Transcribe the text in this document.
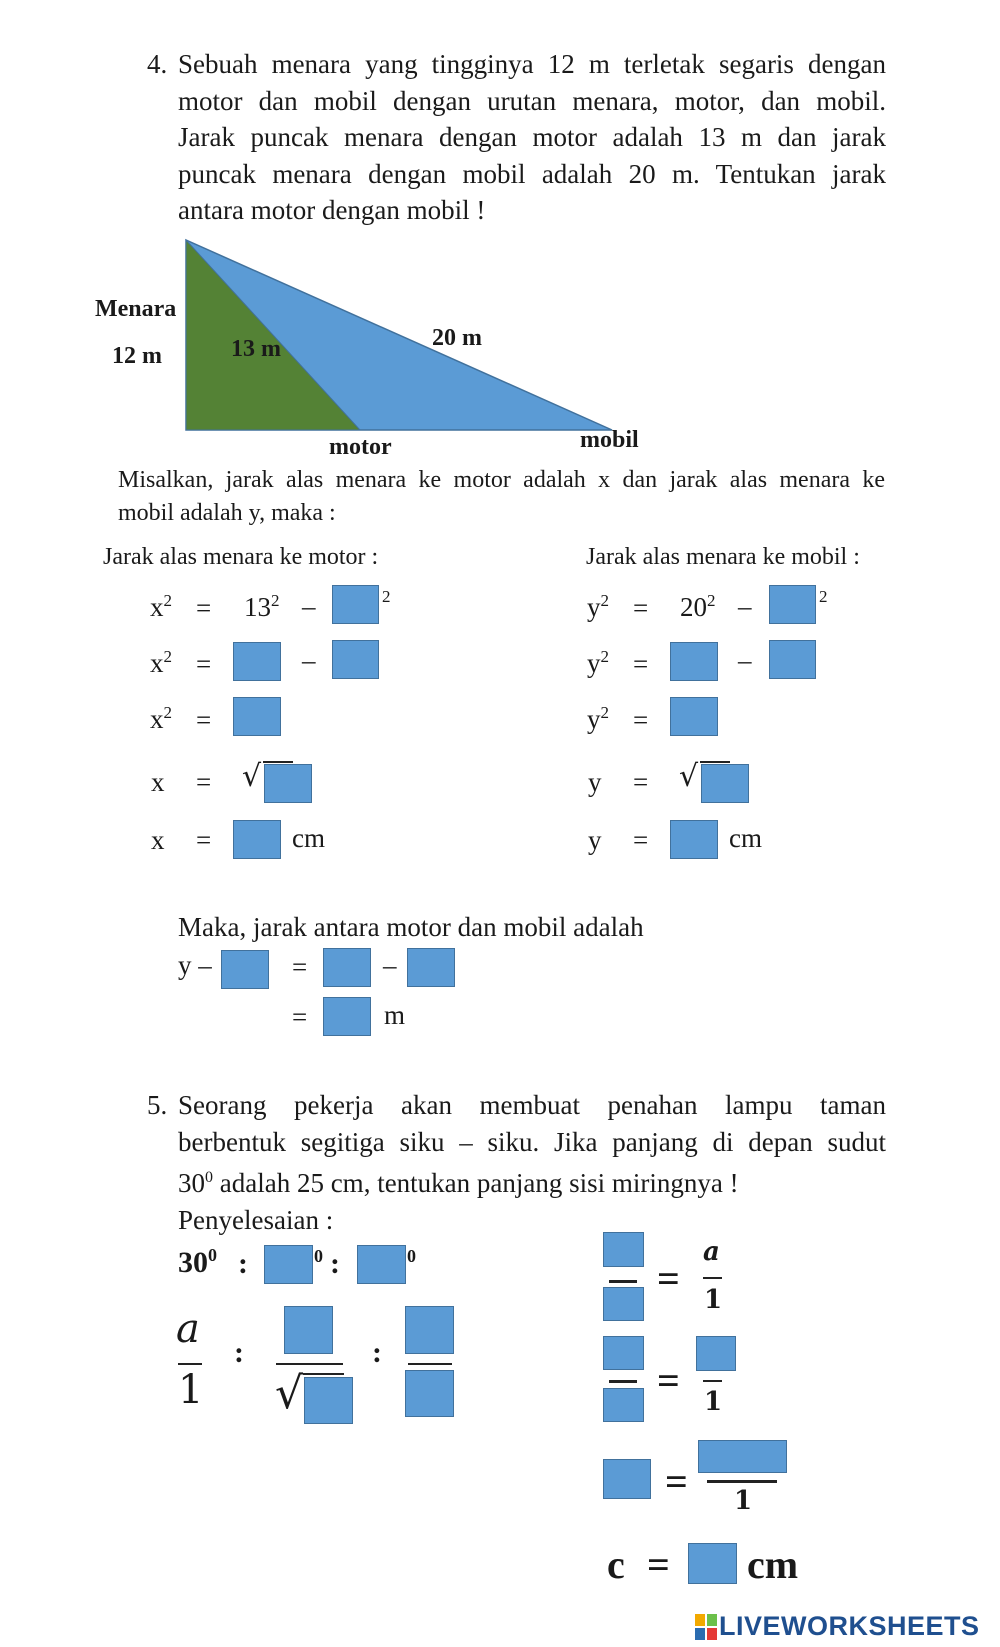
4. Sebuah menara yang tingginya 12 m terletak segaris dengan
motor dan mobil dengan urutan menara, motor, dan mobil.
Jarak puncak menara dengan motor adalah 13 m dan jarak
puncak menara dengan mobil adalah 20 m. Tentukan jarak
antara motor dengan mobil !
Menara
12 m	13 m	20 m
motor	mobil
Misalkan, jarak alas menara ke motor adalah x dan jarak alas menara ke
mobil adalah y, maka :
Jarak alas menara ke motor :	Jarak alas menara ke mobil :
$x^2 = 13^2$ –	2
$x^2$ =	–
$x^2$ =
x = √
x =	cm
$y^2 = 20^2$ –	2
$y^2$ =	–
$y^2$ =
y = √
y =	cm
Maka, jarak antara motor dan mobil adalah
y –	=	–
=	m
5. Seorang pekerja akan membuat penahan lampu taman
berbentuk segitiga siku – siku. Jika panjang di depan sudut
$30^0$ adalah 25 cm, tentukan panjang sisi miringnya !
Penyelesaian :
$30^0$ :	0 :	0
a
1
:
√
:
=
a
1
= 1
= 1
c = cm
LIVEWORKSHEETS
